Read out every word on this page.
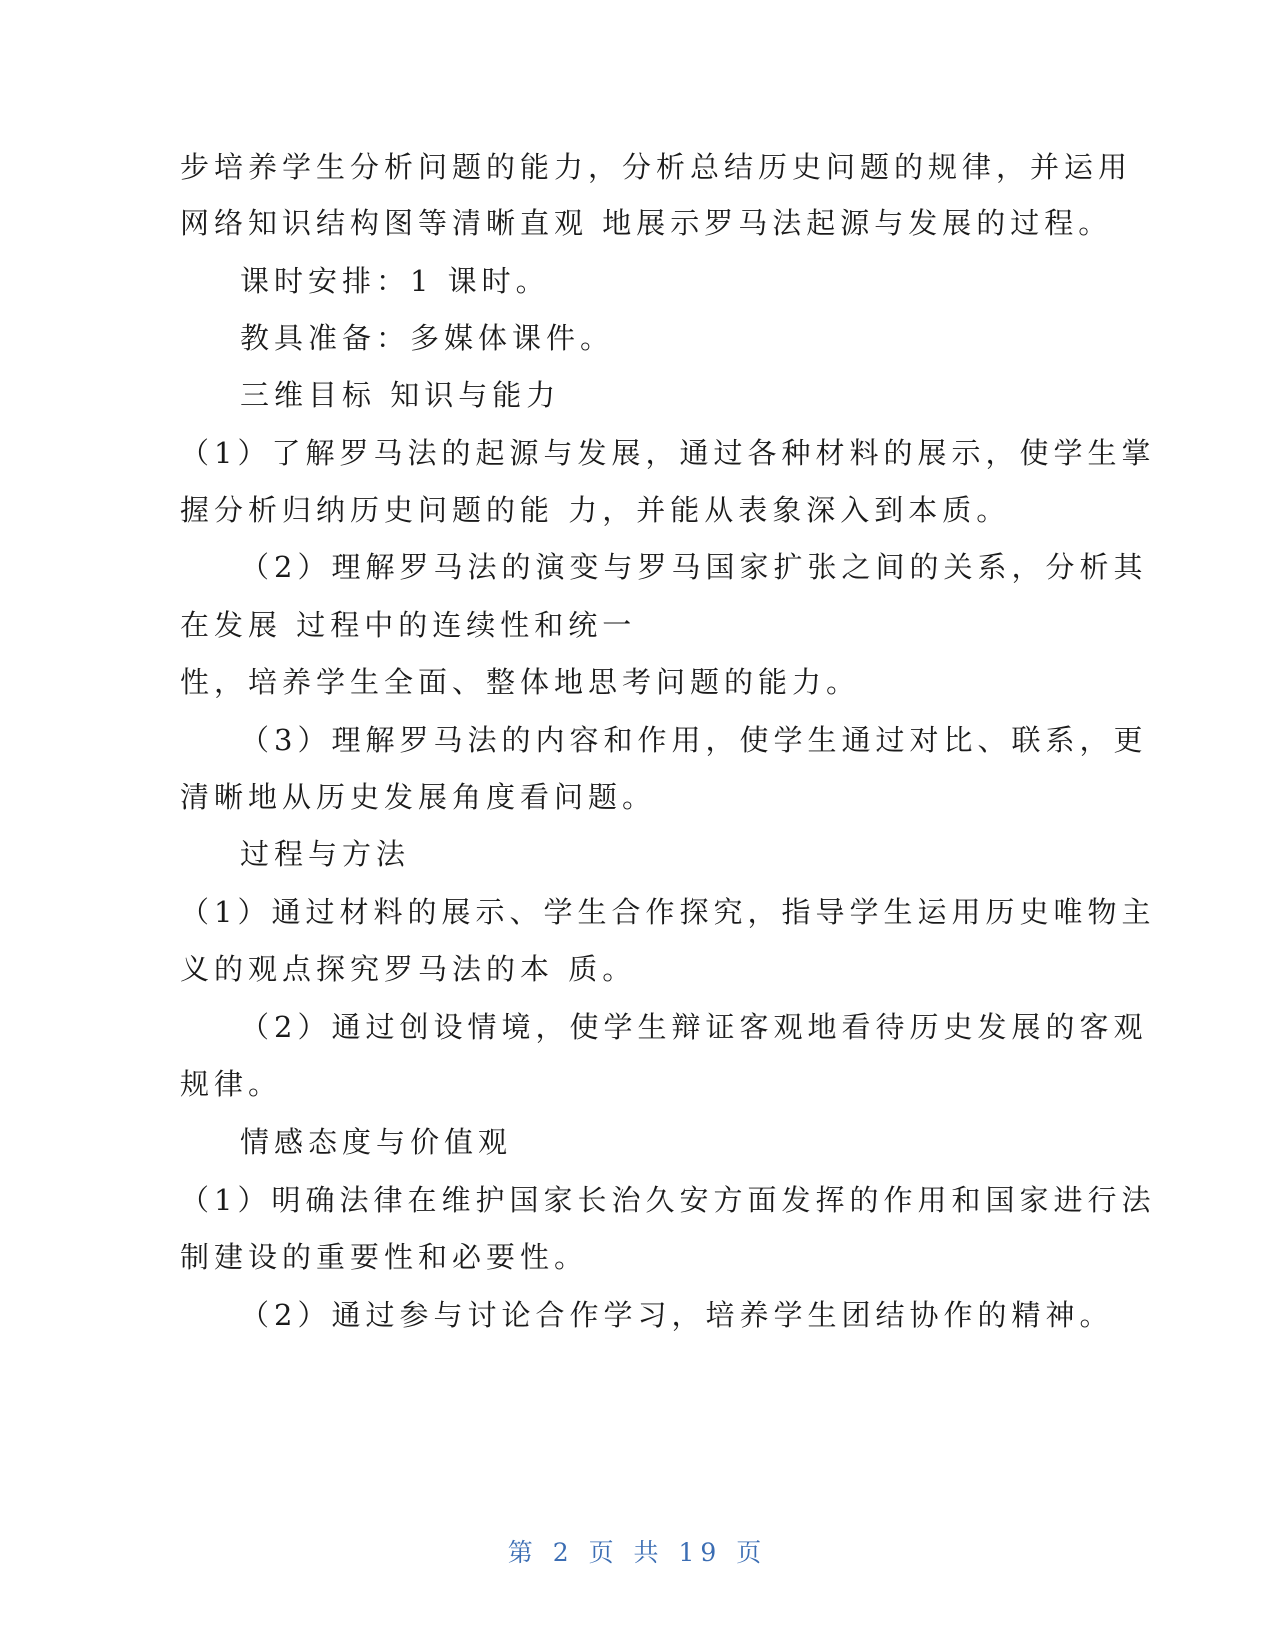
步培养学生分析问题的能力，分析总结历史问题的规律，并运用
网络知识结构图等清晰直观 地展示罗马法起源与发展的过程。
课时安排：1 课时。
教具准备：多媒体课件。
三维目标 知识与能力
（1）了解罗马法的起源与发展，通过各种材料的展示，使学生掌
握分析归纳历史问题的能 力，并能从表象深入到本质。
（2）理解罗马法的演变与罗马国家扩张之间的关系，分析其
在发展 过程中的连续性和统一
性，培养学生全面、整体地思考问题的能力。
（3）理解罗马法的内容和作用，使学生通过对比、联系，更
清晰地从历史发展角度看问题。
过程与方法
（1）通过材料的展示、学生合作探究，指导学生运用历史唯物主
义的观点探究罗马法的本 质。
（2）通过创设情境，使学生辩证客观地看待历史发展的客观
规律。
情感态度与价值观
（1）明确法律在维护国家长治久安方面发挥的作用和国家进行法
制建设的重要性和必要性。
（2）通过参与讨论合作学习，培养学生团结协作的精神。
第 2 页 共 19 页
